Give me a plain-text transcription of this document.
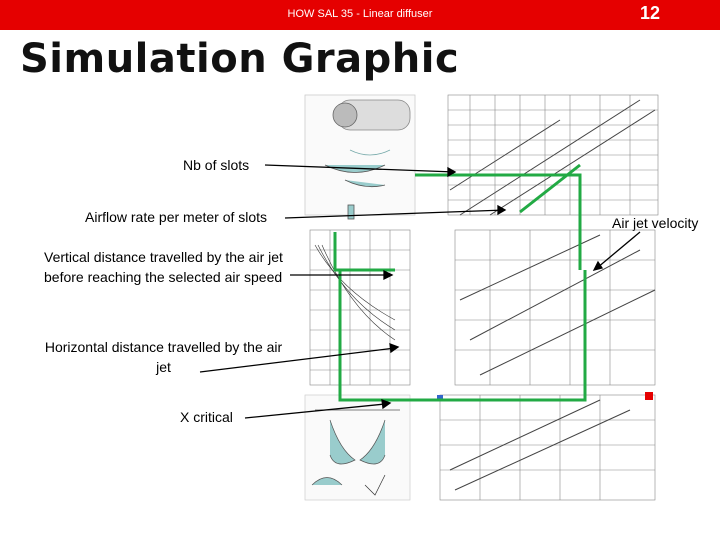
HOW SAL 35 - Linear diffuser	12
Simulation Graphic
Nb of slots
Airflow rate per meter of slots
Vertical distance travelled by the air jet before reaching the selected air speed
Horizontal distance travelled by the air jet
X critical
Air jet velocity
